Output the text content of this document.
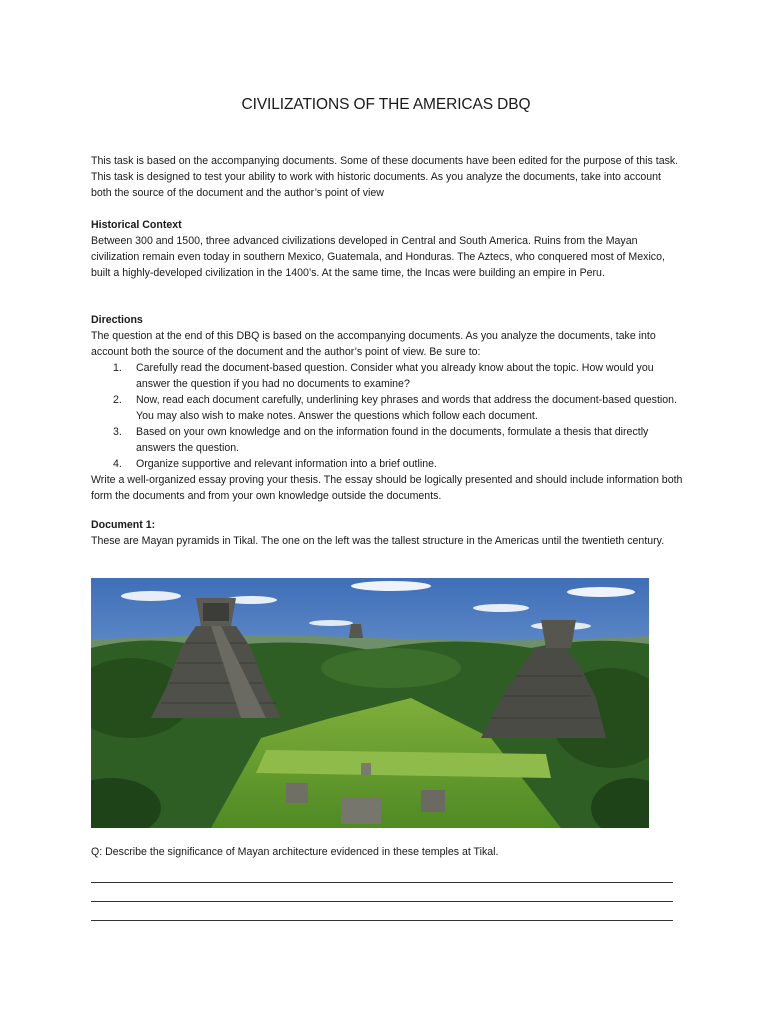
CIVILIZATIONS OF THE AMERICAS DBQ

This task is based on the accompanying documents. Some of these documents have been edited for the purpose of this task. This task is designed to test your ability to work with historic documents. As you analyze the documents, take into account both the source of the document and the author’s point of view

Historical Context

Between 300 and 1500, three advanced civilizations developed in Central and South America. Ruins from the Mayan civilization remain even today in southern Mexico, Guatemala, and Honduras. The Aztecs, who conquered most of Mexico, built a highly-developed civilization in the 1400’s. At the same time, the Incas were building an empire in Peru.

Directions

The question at the end of this DBQ is based on the accompanying documents. As you analyze the documents, take into account both the source of the document and the author’s point of view. Be sure to:

1. Carefully read the document-based question. Consider what you already know about the topic. How would you answer the question if you had no documents to examine?
2. Now, read each document carefully, underlining key phrases and words that address the document-based question. You may also wish to make notes. Answer the questions which follow each document.
3. Based on your own knowledge and on the information found in the documents, formulate a thesis that directly answers the question.
4. Organize supportive and relevant information into a brief outline.

Write a well-organized essay proving your thesis. The essay should be logically presented and should include information both form the documents and from your own knowledge outside the documents.

Document 1:

These are Mayan pyramids in Tikal. The one on the left was the tallest structure in the Americas until the twentieth century.

Q: Describe the significance of Mayan architecture evidenced in these temples at Tikal.
